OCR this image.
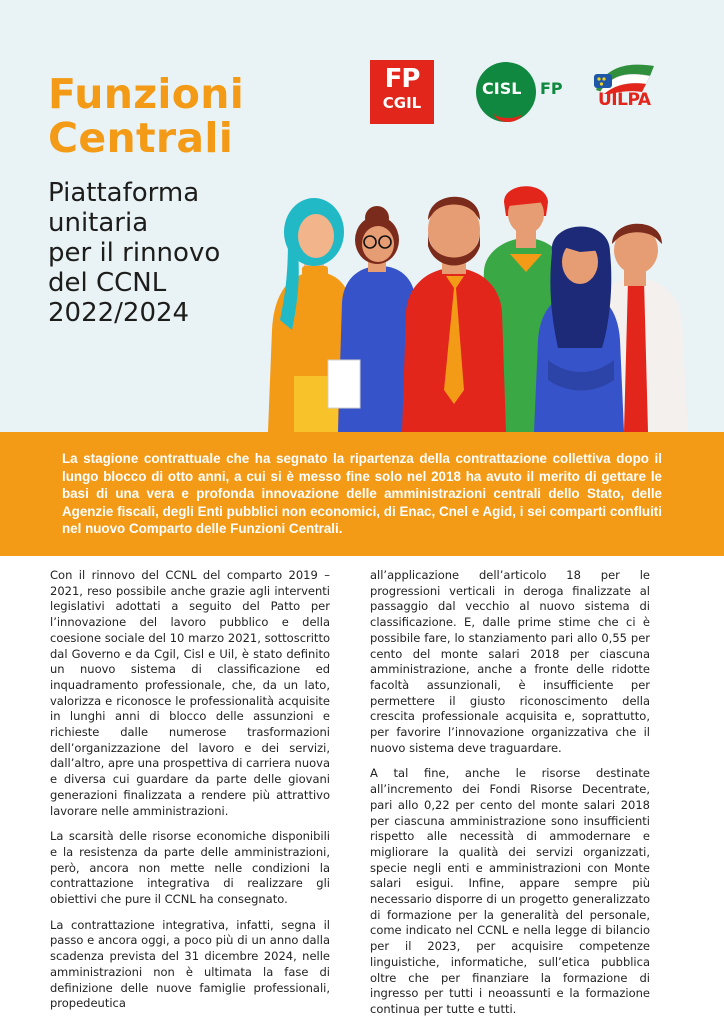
Funzioni
Centrali
Piattaforma
unitaria
per il rinnovo
del CCNL
2022/2024
FP
CGIL
CISL FP
UILPA

La stagione contrattuale che ha segnato la ripartenza della contrattazione collettiva dopo il lungo blocco di otto anni, a cui si è messo fine solo nel 2018 ha avuto il merito di gettare le basi di una vera e profonda innovazione delle amministrazioni centrali dello Stato, delle Agenzie fiscali, degli Enti pubblici non economici, di Enac, Cnel e Agid, i sei comparti confluiti nel nuovo Comparto delle Funzioni Centrali.

Con il rinnovo del CCNL del comparto 2019 – 2021, reso possibile anche grazie agli interventi legislativi adottati a seguito del Patto per l’innovazione del lavoro pubblico e della coesione sociale del 10 marzo 2021, sottoscritto dal Governo e da Cgil, Cisl e Uil, è stato definito un nuovo sistema di classificazione ed inquadramento professionale, che, da un lato, valorizza e riconosce le professionalità acquisite in lunghi anni di blocco delle assunzioni e richieste dalle numerose trasformazioni dell’organizzazione del lavoro e dei servizi, dall’altro, apre una prospettiva di carriera nuova e diversa cui guardare da parte delle giovani generazioni finalizzata a rendere più attrattivo lavorare nelle amministrazioni.

La scarsità delle risorse economiche disponibili e la resistenza da parte delle amministrazioni, però, ancora non mette nelle condizioni la contrattazione integrativa di realizzare gli obiettivi che pure il CCNL ha consegnato.

La contrattazione integrativa, infatti, segna il passo e ancora oggi, a poco più di un anno dalla scadenza prevista del 31 dicembre 2024, nelle amministrazioni non è ultimata la fase di definizione delle nuove famiglie professionali, propedeutica

all’applicazione dell’articolo 18 per le progressioni verticali in deroga finalizzate al passaggio dal vecchio al nuovo sistema di classificazione. E, dalle prime stime che ci è possibile fare, lo stanziamento pari allo 0,55 per cento del monte salari 2018 per ciascuna amministrazione, anche a fronte delle ridotte facoltà assunzionali, è insufficiente per permettere il giusto riconoscimento della crescita professionale acquisita e, soprattutto, per favorire l’innovazione organizzativa che il nuovo sistema deve traguardare.

A tal fine, anche le risorse destinate all’incremento dei Fondi Risorse Decentrate, pari allo 0,22 per cento del monte salari 2018 per ciascuna amministrazione sono insufficienti rispetto alle necessità di ammodernare e migliorare la qualità dei servizi organizzati, specie negli enti e amministrazioni con Monte salari esigui. Infine, appare sempre più necessario disporre di un progetto generalizzato di formazione per la generalità del personale, come indicato nel CCNL e nella legge di bilancio per il 2023, per acquisire competenze linguistiche, informatiche, sull’etica pubblica oltre che per finanziare la formazione di ingresso per tutti i neoassunti e la formazione continua per tutte e tutti.
